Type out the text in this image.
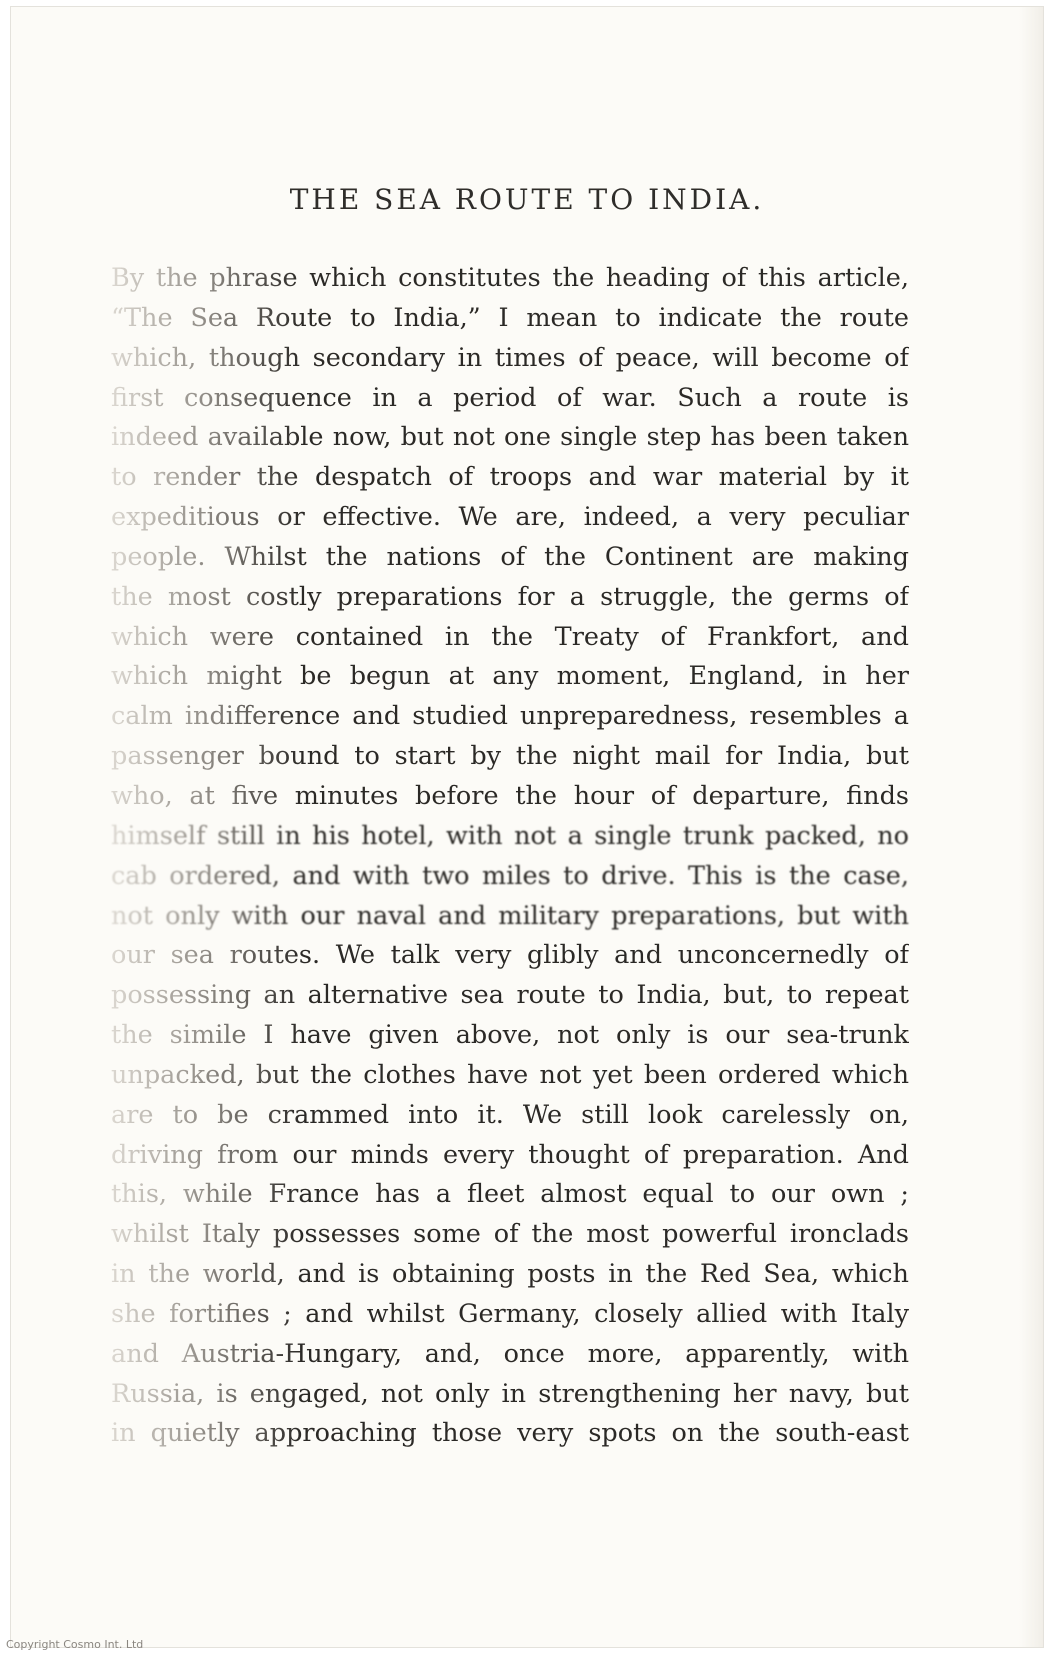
THE SEA ROUTE TO INDIA.
By the phrase which constitutes the heading of this article,
“The Sea Route to India,” I mean to indicate the route
which, though secondary in times of peace, will become of
first consequence in a period of war. Such a route is
indeed available now, but not one single step has been taken
to render the despatch of troops and war material by it
expeditious or effective. We are, indeed, a very peculiar
people. Whilst the nations of the Continent are making
the most costly preparations for a struggle, the germs of
which were contained in the Treaty of Frankfort, and
which might be begun at any moment, England, in her
calm indifference and studied unpreparedness, resembles a
passenger bound to start by the night mail for India, but
who, at five minutes before the hour of departure, finds
himself still in his hotel, with not a single trunk packed, no
cab ordered, and with two miles to drive. This is the case,
not only with our naval and military preparations, but with
our sea routes. We talk very glibly and unconcernedly of
possessing an alternative sea route to India, but, to repeat
the simile I have given above, not only is our sea-trunk
unpacked, but the clothes have not yet been ordered which
are to be crammed into it. We still look carelessly on,
driving from our minds every thought of preparation. And
this, while France has a fleet almost equal to our own ;
whilst Italy possesses some of the most powerful ironclads
in the world, and is obtaining posts in the Red Sea, which
she fortifies ; and whilst Germany, closely allied with Italy
and Austria-Hungary, and, once more, apparently, with
Russia, is engaged, not only in strengthening her navy, but
in quietly approaching those very spots on the south-east
Copyright Cosmo Int. Ltd
